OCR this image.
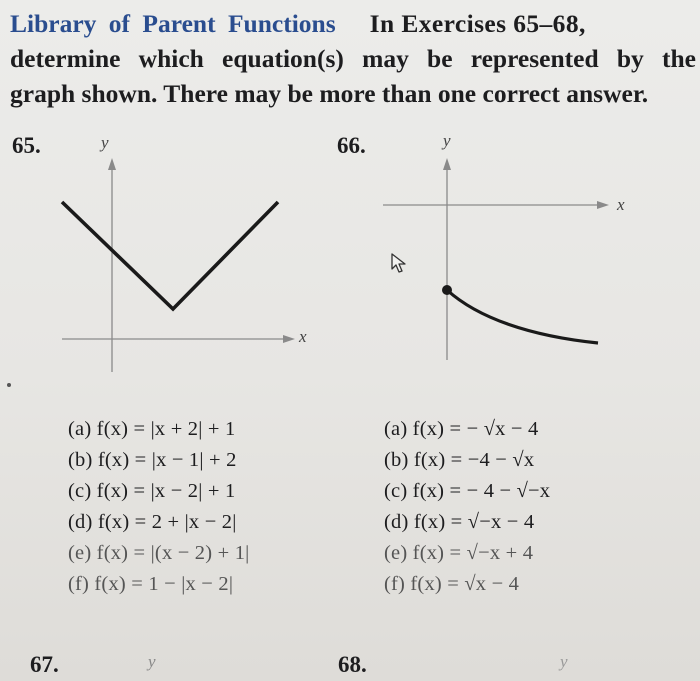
Library of Parent Functions In Exercises 65–68,
determine which equation(s) may be represented by the
graph shown. There may be more than one correct answer.
65.	y
x
66.	y
x
(a) f(x) = |x + 2| + 1
(b) f(x) = |x − 1| + 2
(c) f(x) = |x − 2| + 1
(d) f(x) = 2 + |x − 2|
(e) f(x) = |(x − 2) + 1|
(f) f(x) = 1 − |x − 2|
(a) f(x) = − √x − 4
(b) f(x) = −4 − √x
(c) f(x) = − 4 − √−x
(d) f(x) = √−x − 4
(e) f(x) = √−x + 4
(f) f(x) = √x − 4
67.	y	68.	y
